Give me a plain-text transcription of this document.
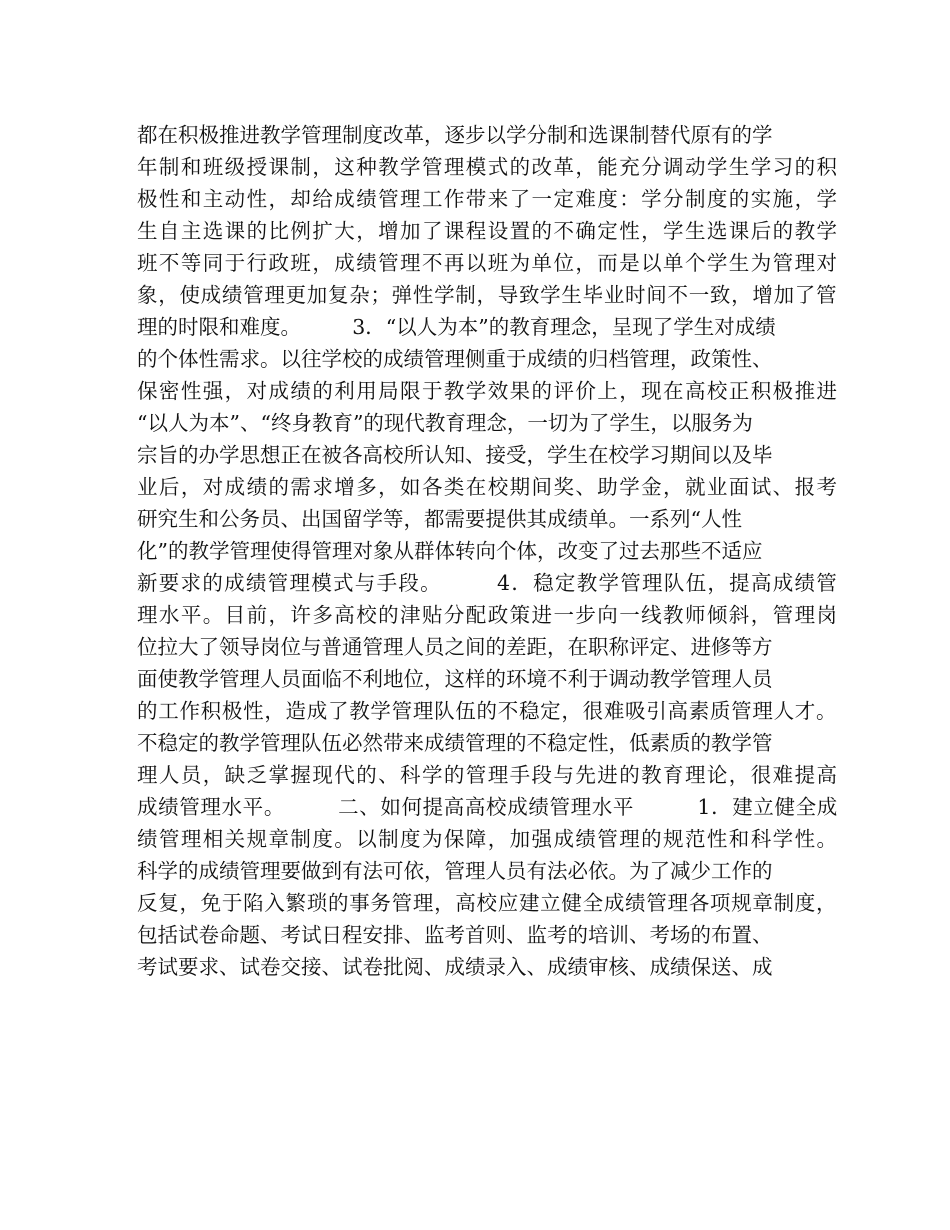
都在积极推进教学管理制度改革，逐步以学分制和选课制替代原有的学
年制和班级授课制，这种教学管理模式的改革，能充分调动学生学习的积
极性和主动性，却给成绩管理工作带来了一定难度：学分制度的实施，学
生自主选课的比例扩大，增加了课程设置的不确定性，学生选课后的教学
班不等同于行政班，成绩管理不再以班为单位，而是以单个学生为管理对
象，使成绩管理更加复杂；弹性学制，导致学生毕业时间不一致，增加了管
理的时限和难度。　　　3．“以人为本”的教育理念，呈现了学生对成绩
的个体性需求。以往学校的成绩管理侧重于成绩的归档管理，政策性、
保密性强，对成绩的利用局限于教学效果的评价上，现在高校正积极推进
“以人为本”、“终身教育”的现代教育理念，一切为了学生，以服务为
宗旨的办学思想正在被各高校所认知、接受，学生在校学习期间以及毕
业后，对成绩的需求增多，如各类在校期间奖、助学金，就业面试、报考
研究生和公务员、出国留学等，都需要提供其成绩单。一系列“人性
化”的教学管理使得管理对象从群体转向个体，改变了过去那些不适应
新要求的成绩管理模式与手段。　　　4．稳定教学管理队伍，提高成绩管
理水平。目前，许多高校的津贴分配政策进一步向一线教师倾斜，管理岗
位拉大了领导岗位与普通管理人员之间的差距，在职称评定、进修等方
面使教学管理人员面临不利地位，这样的环境不利于调动教学管理人员
的工作积极性，造成了教学管理队伍的不稳定，很难吸引高素质管理人才。
不稳定的教学管理队伍必然带来成绩管理的不稳定性，低素质的教学管
理人员，缺乏掌握现代的、科学的管理手段与先进的教育理论，很难提高
成绩管理水平。　　　二、如何提高高校成绩管理水平　　　1．建立健全成
绩管理相关规章制度。以制度为保障，加强成绩管理的规范性和科学性。
科学的成绩管理要做到有法可依，管理人员有法必依。为了减少工作的
反复，免于陷入繁琐的事务管理，高校应建立健全成绩管理各项规章制度，
包括试卷命题、考试日程安排、监考首则、监考的培训、考场的布置、
考试要求、试卷交接、试卷批阅、成绩录入、成绩审核、成绩保送、成
